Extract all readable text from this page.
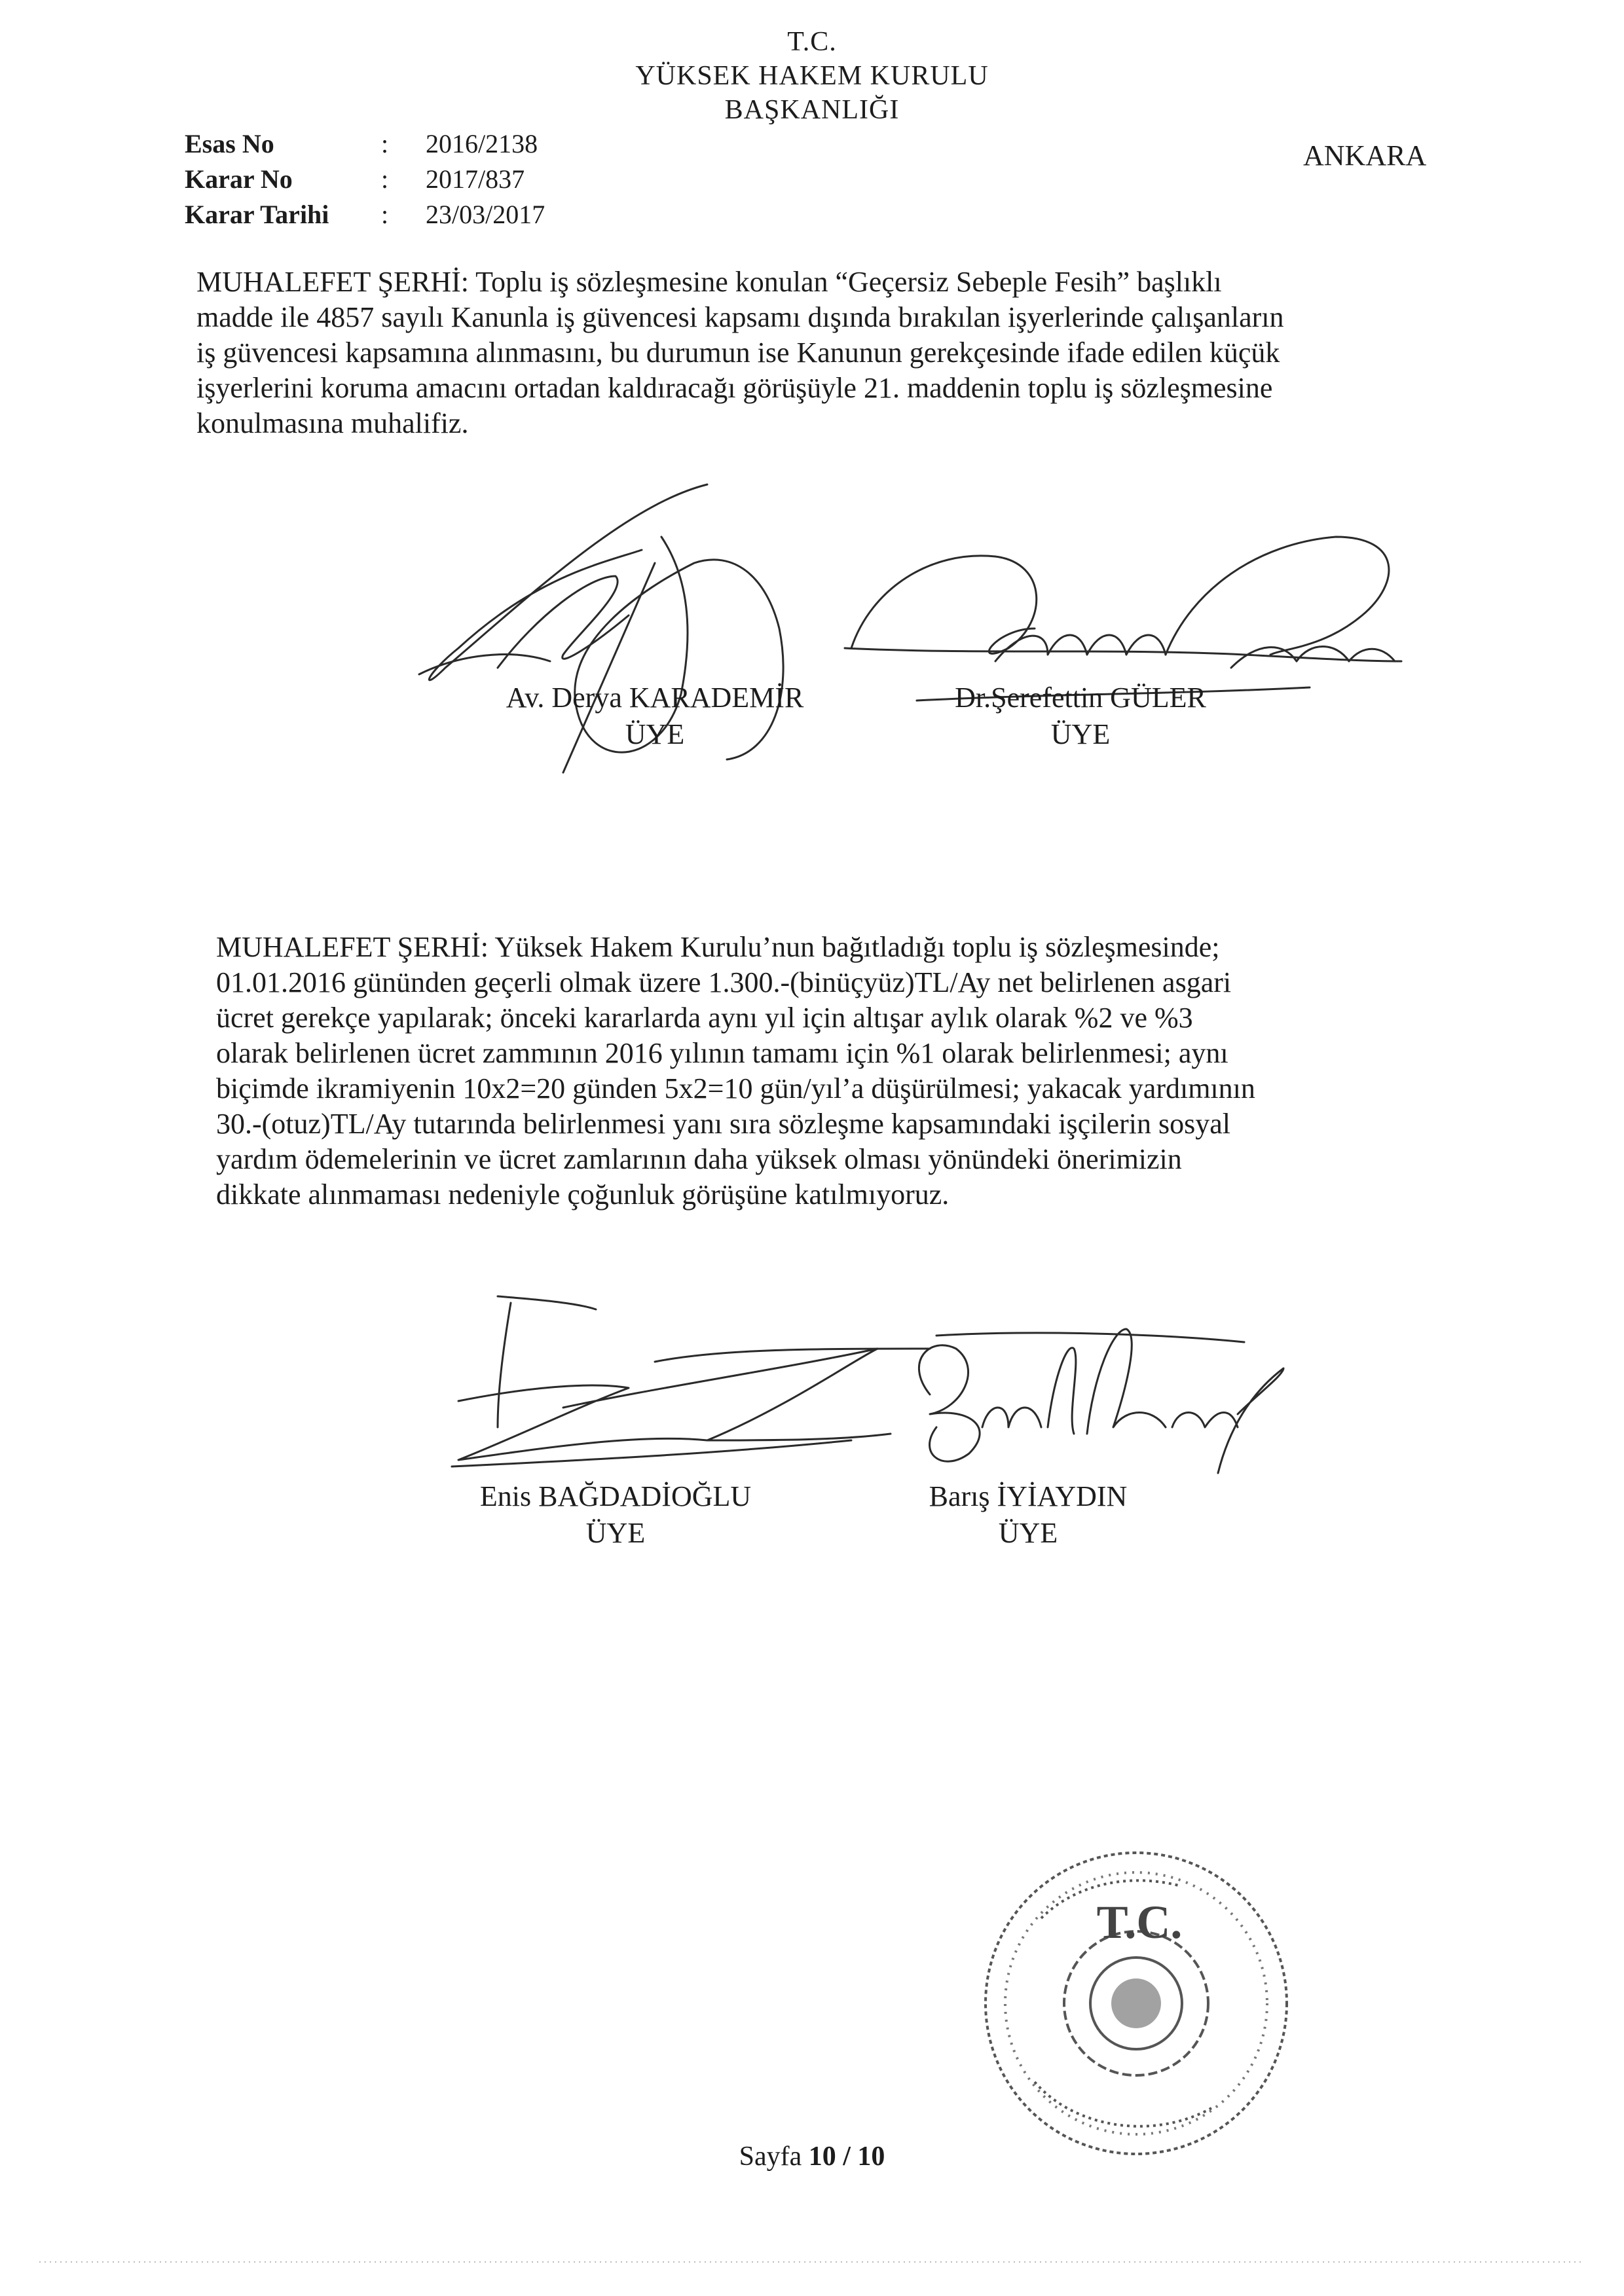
T.C.
YÜKSEK HAKEM KURULU
BAŞKANLIĞI
ANKARA
Esas No	: 2016/2138
Karar No	: 2017/837
Karar Tarihi : 23/03/2017

MUHALEFET ŞERHİ: Toplu iş sözleşmesine konulan “Geçersiz Sebeple Fesih” başlıklı

madde ile 4857 sayılı Kanunla iş güvencesi kapsamı dışında bırakılan işyerlerinde çalışanların

iş güvencesi kapsamına alınmasını, bu durumun ise Kanunun gerekçesinde ifade edilen küçük

işyerlerini koruma amacını ortadan kaldıracağı görüşüyle 21. maddenin toplu iş sözleşmesine

konulmasına muhalifiz.

T.C.
Av. Derya KARADEMİR
ÜYE
Dr.Şerefettin GÜLER
ÜYE

MUHALEFET ŞERHİ: Yüksek Hakem Kurulu’nun bağıtladığı toplu iş sözleşmesinde;

01.01.2016 gününden geçerli olmak üzere 1.300.-(binüçyüz)TL/Ay net belirlenen asgari

ücret gerekçe yapılarak; önceki kararlarda aynı yıl için altışar aylık olarak %2 ve %3

olarak belirlenen ücret zammının 2016 yılının tamamı için %1 olarak belirlenmesi; aynı

biçimde ikramiyenin 10x2=20 günden 5x2=10 gün/yıl’a düşürülmesi; yakacak yardımının

30.-(otuz)TL/Ay tutarında belirlenmesi yanı sıra sözleşme kapsamındaki işçilerin sosyal

yardım ödemelerinin ve ücret zamlarının daha yüksek olması yönündeki önerimizin

dikkate alınmaması nedeniyle çoğunluk görüşüne katılmıyoruz.

Enis BAĞDADİOĞLU
ÜYE
Barış İYİAYDIN
ÜYE
Sayfa 10 / 10
